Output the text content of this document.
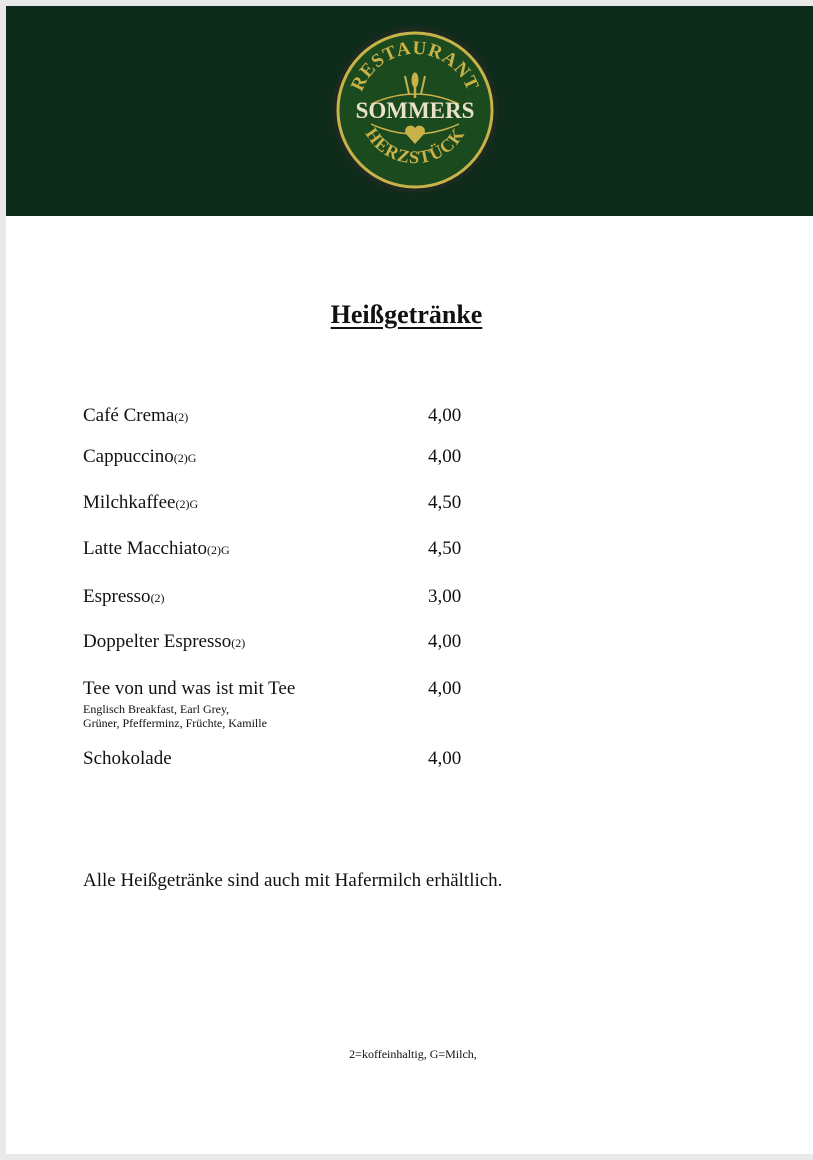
RESTAURANT
SOMMERS
HERZSTÜCK
Heißgetränke
Café Crema(2)	4,00
Cappuccino(2)G	4,00
Milchkaffee(2)G	4,50
Latte Macchiato(2)G	4,50
Espresso(2)	3,00
Doppelter Espresso(2)	4,00
Tee von und was ist mit Tee	4,00
Englisch Breakfast, Earl Grey,
Grüner, Pfefferminz, Früchte, Kamille
Schokolade	4,00
Alle Heißgetränke sind auch mit Hafermilch erhältlich.
2=koffeinhaltig, G=Milch,
